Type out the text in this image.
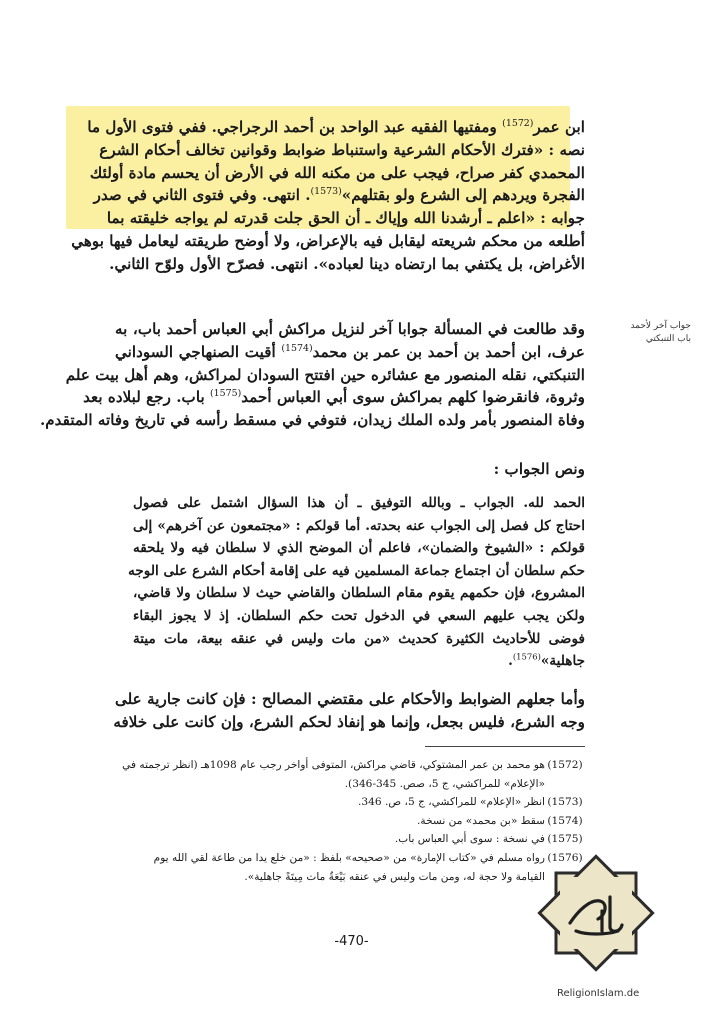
ابن عمر$^{(1572)}$ ومفتيها الفقيه عبد الواحد بن أحمد الرجراجي. ففي فتوى الأول ما
نصه : «فترك الأحكام الشرعية واستنباط ضوابط وقوانين تخالف أحكام الشرع
المحمدي كفر صراح، فيجب على من مكنه الله في الأرض أن يحسم مادة أولئك
الفجرة ويردهم إلى الشرع ولو بقتلهم»$^{(1573)}$. انتهى. وفي فتوى الثاني في صدر
جوابه : «اعلم ـ أرشدنا الله وإياك ـ أن الحق جلت قدرته لم يواجه خليقته بما
أطلعه من محكم شريعته ليقابل فيه بالإعراض، ولا أوضح طريقته ليعامل فيها بوهي
الأغراض، بل يكتفي بما ارتضاه دينا لعباده». انتهى. فصرّح الأول ولوّح الثاني.
جواب آخر لأحمد
باب التنبكتي
وقد طالعت في المسألة جوابا آخر لنزيل مراكش أبي العباس أحمد باب، به
عرف، ابن أحمد بن أحمد بن عمر بن محمد$^{(1574)}$ أقيت الصنهاجي السوداني
التنبكتي، نقله المنصور مع عشائره حين افتتح السودان لمراكش، وهم أهل بيت علم
وثروة، فانقرضوا كلهم بمراكش سوى أبي العباس أحمد$^{(1575)}$ باب. رجع لبلاده بعد
وفاة المنصور بأمر ولده الملك زيدان، فتوفي في مسقط رأسه في تاريخ وفاته المتقدم.
ونص الجواب :
الحمد لله. الجواب ـ وبالله التوفيق ـ أن هذا السؤال اشتمل على فصول
احتاج كل فصل إلى الجواب عنه بحدته. أما قولكم : «مجتمعون عن آخرهم» إلى
قولكم : «الشيوخ والضمان»، فاعلم أن الموضح الذي لا سلطان فيه ولا يلحقه
حكم سلطان أن اجتماع جماعة المسلمين فيه على إقامة أحكام الشرع على الوجه
المشروع، فإن حكمهم يقوم مقام السلطان والقاضي حيث لا سلطان ولا قاضي،
ولكن يجب عليهم السعي في الدخول تحت حكم السلطان. إذ لا يجوز البقاء
فوضى للأحاديث الكثيرة كحديث «من مات وليس في عنقه بيعة، مات ميتة
جاهلية»$^{(1576)}$.
وأما جعلهم الضوابط والأحكام على مقتضي المصالح : فإن كانت جارية على
وجه الشرع، فليس بجعل، وإنما هو إنفاذ لحكم الشرع، وإن كانت على خلافه
(1572)هو محمد بن عمر المشتوكي، قاضي مراكش، المتوفى أواخر رجب عام 1098هـ (انظر ترجمته في
«الإعلام» للمراكشي، ج 5، صص. 345-346).
(1573)انظر «الإعلام» للمراكشي، ج 5، ص. 346.
(1574)سقط «بن محمد» من نسخة.
(1575)في نسخة : سوى أبي العباس باب.
(1576)رواه مسلم في «كتاب الإمارة» من «صحيحه» بلفظ : «من خلع يدا من طاعة لقي الله يوم
القيامة ولا حجة له، ومن مات وليس في عنقه بَيْعَةٌ مات مِيتَةً جاهلية».
-470-
ReligionIslam.de
